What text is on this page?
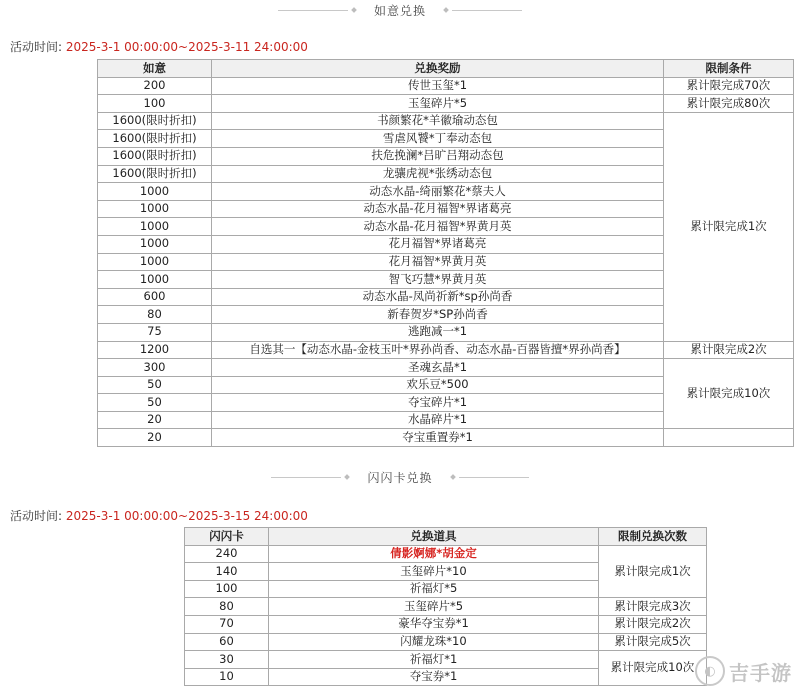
如意兑换
活动时间: 2025-3-1 00:00:00~2025-3-11 24:00:00
如意	兑换奖励	限制条件
200	传世玉玺*1	累计限完成70次
100	玉玺碎片*5	累计限完成80次
1600(限时折扣)	书颜繁花*羊徽瑜动态包	累计限完成1次
1600(限时折扣)	雪虐风饕*丁奉动态包	
1600(限时折扣)	扶危挽澜*吕旷吕翔动态包	
1600(限时折扣)	龙骧虎视*张绣动态包	
1000	动态水晶-绮丽繁花*蔡夫人	
1000	动态水晶-花月福智*界诸葛亮	
1000	动态水晶-花月福智*界黄月英	
1000	花月福智*界诸葛亮	
1000	花月福智*界黄月英	
1000	智飞巧慧*界黄月英	
600	动态水晶-凤尚祈新*sp孙尚香	
80	新春贺岁*SP孙尚香	
75	逃跑减一*1	
1200	自选其一【动态水晶-金枝玉叶*界孙尚香、动态水晶-百器皆擅*界孙尚香】	累计限完成2次
300	圣魂玄晶*1	累计限完成10次
50	欢乐豆*500	
50	夺宝碎片*1	
20	水晶碎片*1	
20	夺宝重置券*1	
闪闪卡兑换
活动时间: 2025-3-1 00:00:00~2025-3-15 24:00:00
闪闪卡	兑换道具	限制兑换次数
240	倩影婀娜*胡金定	累计限完成1次
140	玉玺碎片*10	
100	祈福灯*5	
80	玉玺碎片*5	累计限完成3次
70	豪华夺宝券*1	累计限完成2次
60	闪耀龙珠*10	累计限完成5次
30	祈福灯*1	累计限完成10次
10	夺宝券*1		◐ 吉手游
